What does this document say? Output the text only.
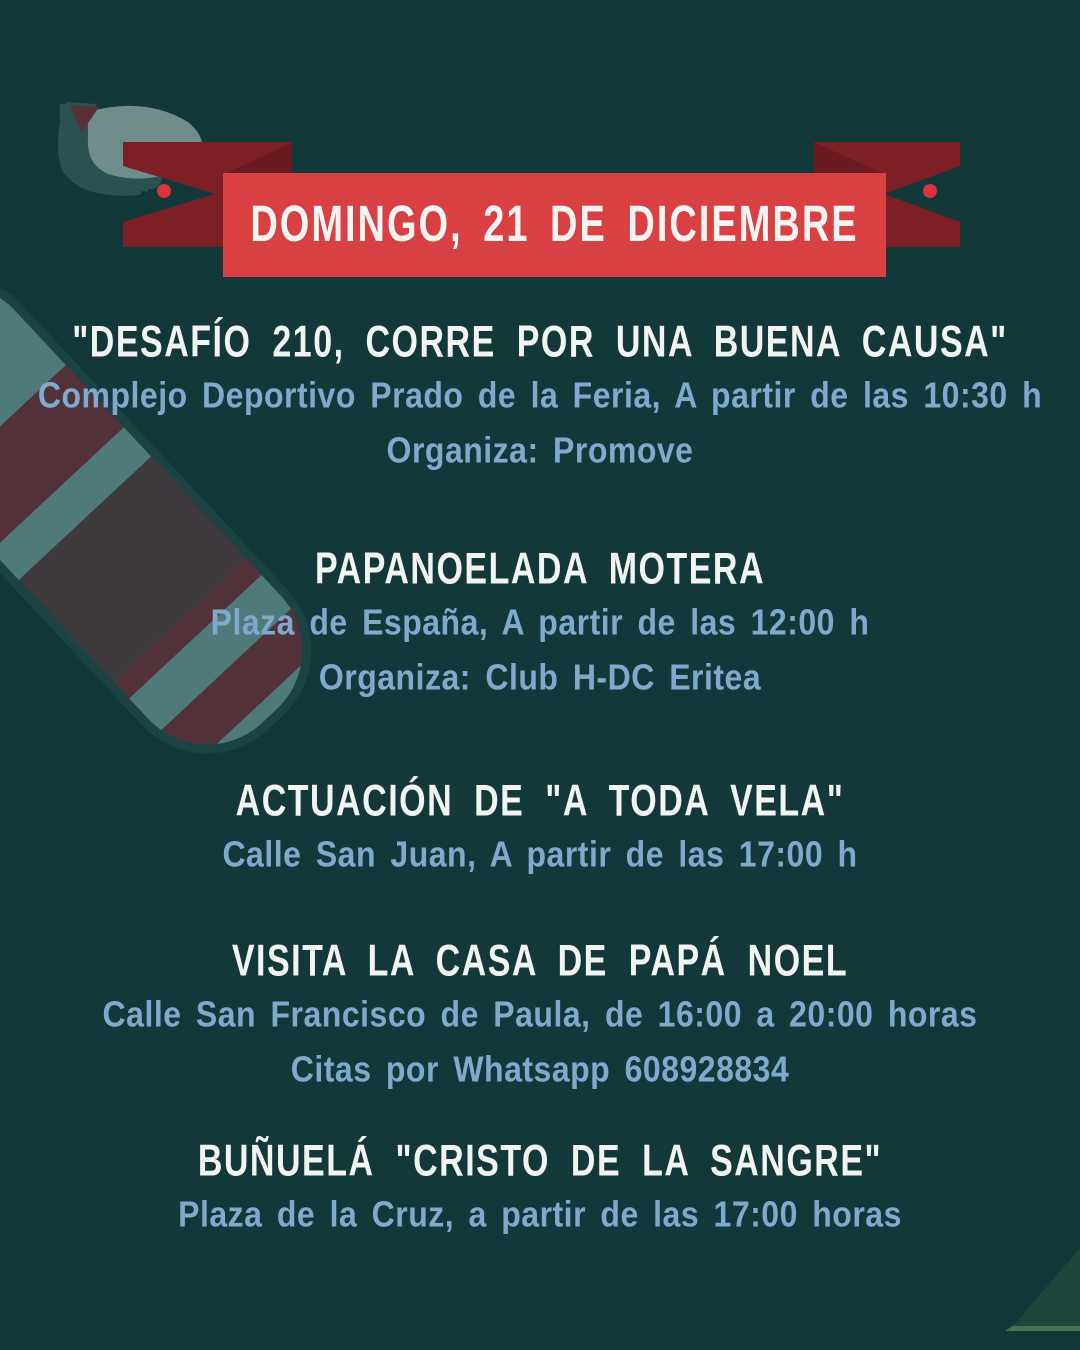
DOMINGO, 21 DE DICIEMBRE
"DESAFÍO 210, CORRE POR UNA BUENA CAUSA"
Complejo Deportivo Prado de la Feria, A partir de las 10:30 h
Organiza: Promove
PAPANOELADA MOTERA
Plaza de España, A partir de las 12:00 h
Organiza: Club H-DC Eritea
ACTUACIÓN DE "A TODA VELA"
Calle San Juan, A partir de las 17:00 h
VISITA LA CASA DE PAPÁ NOEL
Calle San Francisco de Paula, de 16:00 a 20:00 horas
Citas por Whatsapp 608928834
BUÑUELÁ "CRISTO DE LA SANGRE"
Plaza de la Cruz, a partir de las 17:00 horas
